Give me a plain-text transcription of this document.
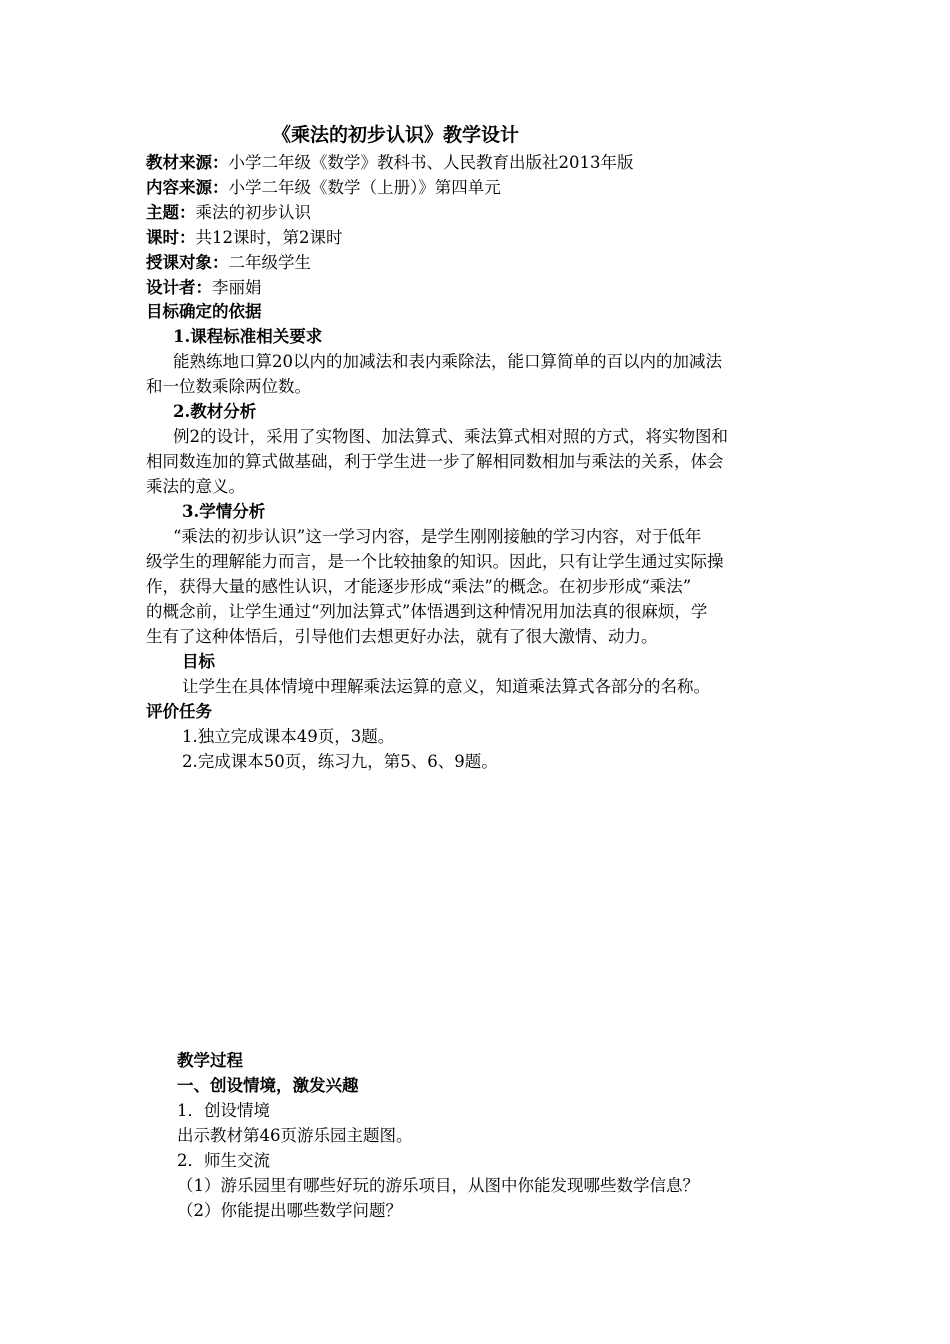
《乘法的初步认识》教学设计
教材来源：小学二年级《数学》教科书、人民教育出版社2013年版
内容来源：小学二年级《数学（上册）》第四单元
主题：乘法的初步认识
课时：共12课时，第2课时
授课对象：二年级学生
设计者：李丽娟
目标确定的依据
1.课程标准相关要求
能熟练地口算20以内的加减法和表内乘除法，能口算简单的百以内的加减法
和一位数乘除两位数。
2.教材分析
例2的设计，采用了实物图、加法算式、乘法算式相对照的方式，将实物图和
相同数连加的算式做基础，利于学生进一步了解相同数相加与乘法的关系，体会
乘法的意义。
3.学情分析
“乘法的初步认识”这一学习内容，是学生刚刚接触的学习内容，对于低年
级学生的理解能力而言，是一个比较抽象的知识。因此，只有让学生通过实际操
作，获得大量的感性认识，才能逐步形成“乘法”的概念。在初步形成“乘法”
的概念前，让学生通过“列加法算式”体悟遇到这种情况用加法真的很麻烦，学
生有了这种体悟后，引导他们去想更好办法，就有了很大激情、动力。
目标
让学生在具体情境中理解乘法运算的意义，知道乘法算式各部分的名称。
评价任务
1.独立完成课本49页，3题。
2.完成课本50页，练习九，第5、6、9题。
教学过程
一、创设情境，激发兴趣
1．创设情境
出示教材第46页游乐园主题图。
2．师生交流
（1）游乐园里有哪些好玩的游乐项目，从图中你能发现哪些数学信息？
（2）你能提出哪些数学问题？
